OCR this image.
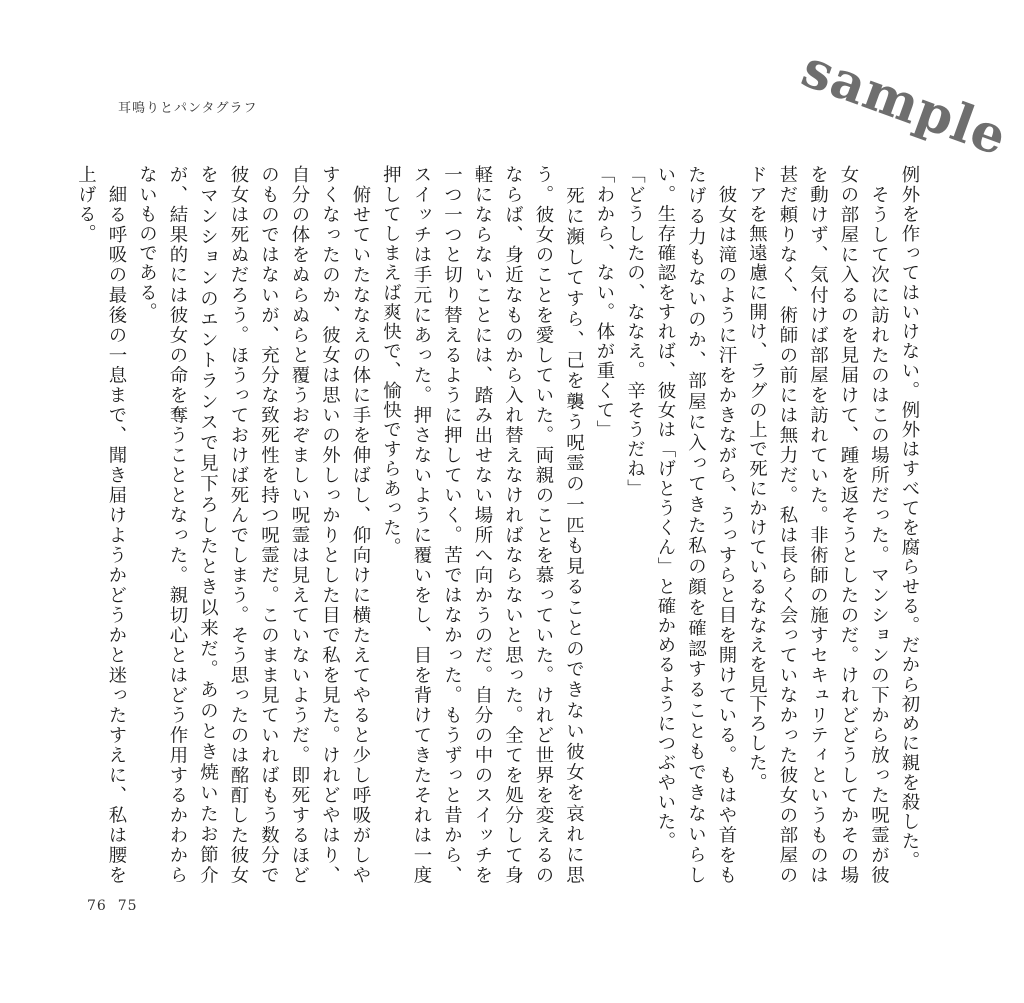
耳鳴りとパンタグラフ	sample

例外を作ってはいけない。例外はすべてを腐らせる。だから初めに親を殺した。

　そうして次に訪れたのはこの場所だった。マンションの下から放った呪霊が彼女の部屋に入るのを見届けて、踵を返そうとしたのだ。けれどどうしてかその場を動けず、気付けば部屋を訪れていた。非術師の施すセキュリティというものは甚だ頼りなく、術師の前には無力だ。私は長らく会っていなかった彼女の部屋のドアを無遠慮に開け、ラグの上で死にかけているななえを見下ろした。

　彼女は滝のように汗をかきながら、うっすらと目を開けている。もはや首をもたげる力もないのか、部屋に入ってきた私の顔を確認することもできないらしい。生存確認をすれば、彼女は「げとうくん」と確かめるようにつぶやいた。

「どうしたの、ななえ。辛そうだね」

「わから、ない。体が重くて」

　死に瀕してすら、己を襲う呪霊の一匹も見ることのできない彼女を哀れに思う。彼女のことを愛していた。両親のことを慕っていた。けれど世界を変えるのならば、身近なものから入れ替えなければならないと思った。全てを処分して身軽にならないことには、踏み出せない場所へ向かうのだ。自分の中のスイッチを一つ一つと切り替えるように押していく。苦ではなかった。もうずっと昔から、スイッチは手元にあった。押さないように覆いをし、目を背けてきたそれは一度押してしまえば爽快で、愉快ですらあった。

　俯せていたななえの体に手を伸ばし、仰向けに横たえてやると少し呼吸がしやすくなったのか、彼女は思いの外しっかりとした目で私を見た。けれどやはり、自分の体をぬらぬらと覆うおぞましい呪霊は見えていないようだ。即死するほどのものではないが、充分な致死性を持つ呪霊だ。このまま見ていればもう数分で彼女は死ぬだろう。ほうっておけば死んでしまう。そう思ったのは酩酊した彼女をマンションのエントランスで見下ろしたとき以来だ。あのとき焼いたお節介が、結果的には彼女の命を奪うこととなった。親切心とはどう作用するかわからないものである。

　細る呼吸の最後の一息まで、聞き届けようかどうかと迷ったすえに、私は腰を上げる。

76  75
